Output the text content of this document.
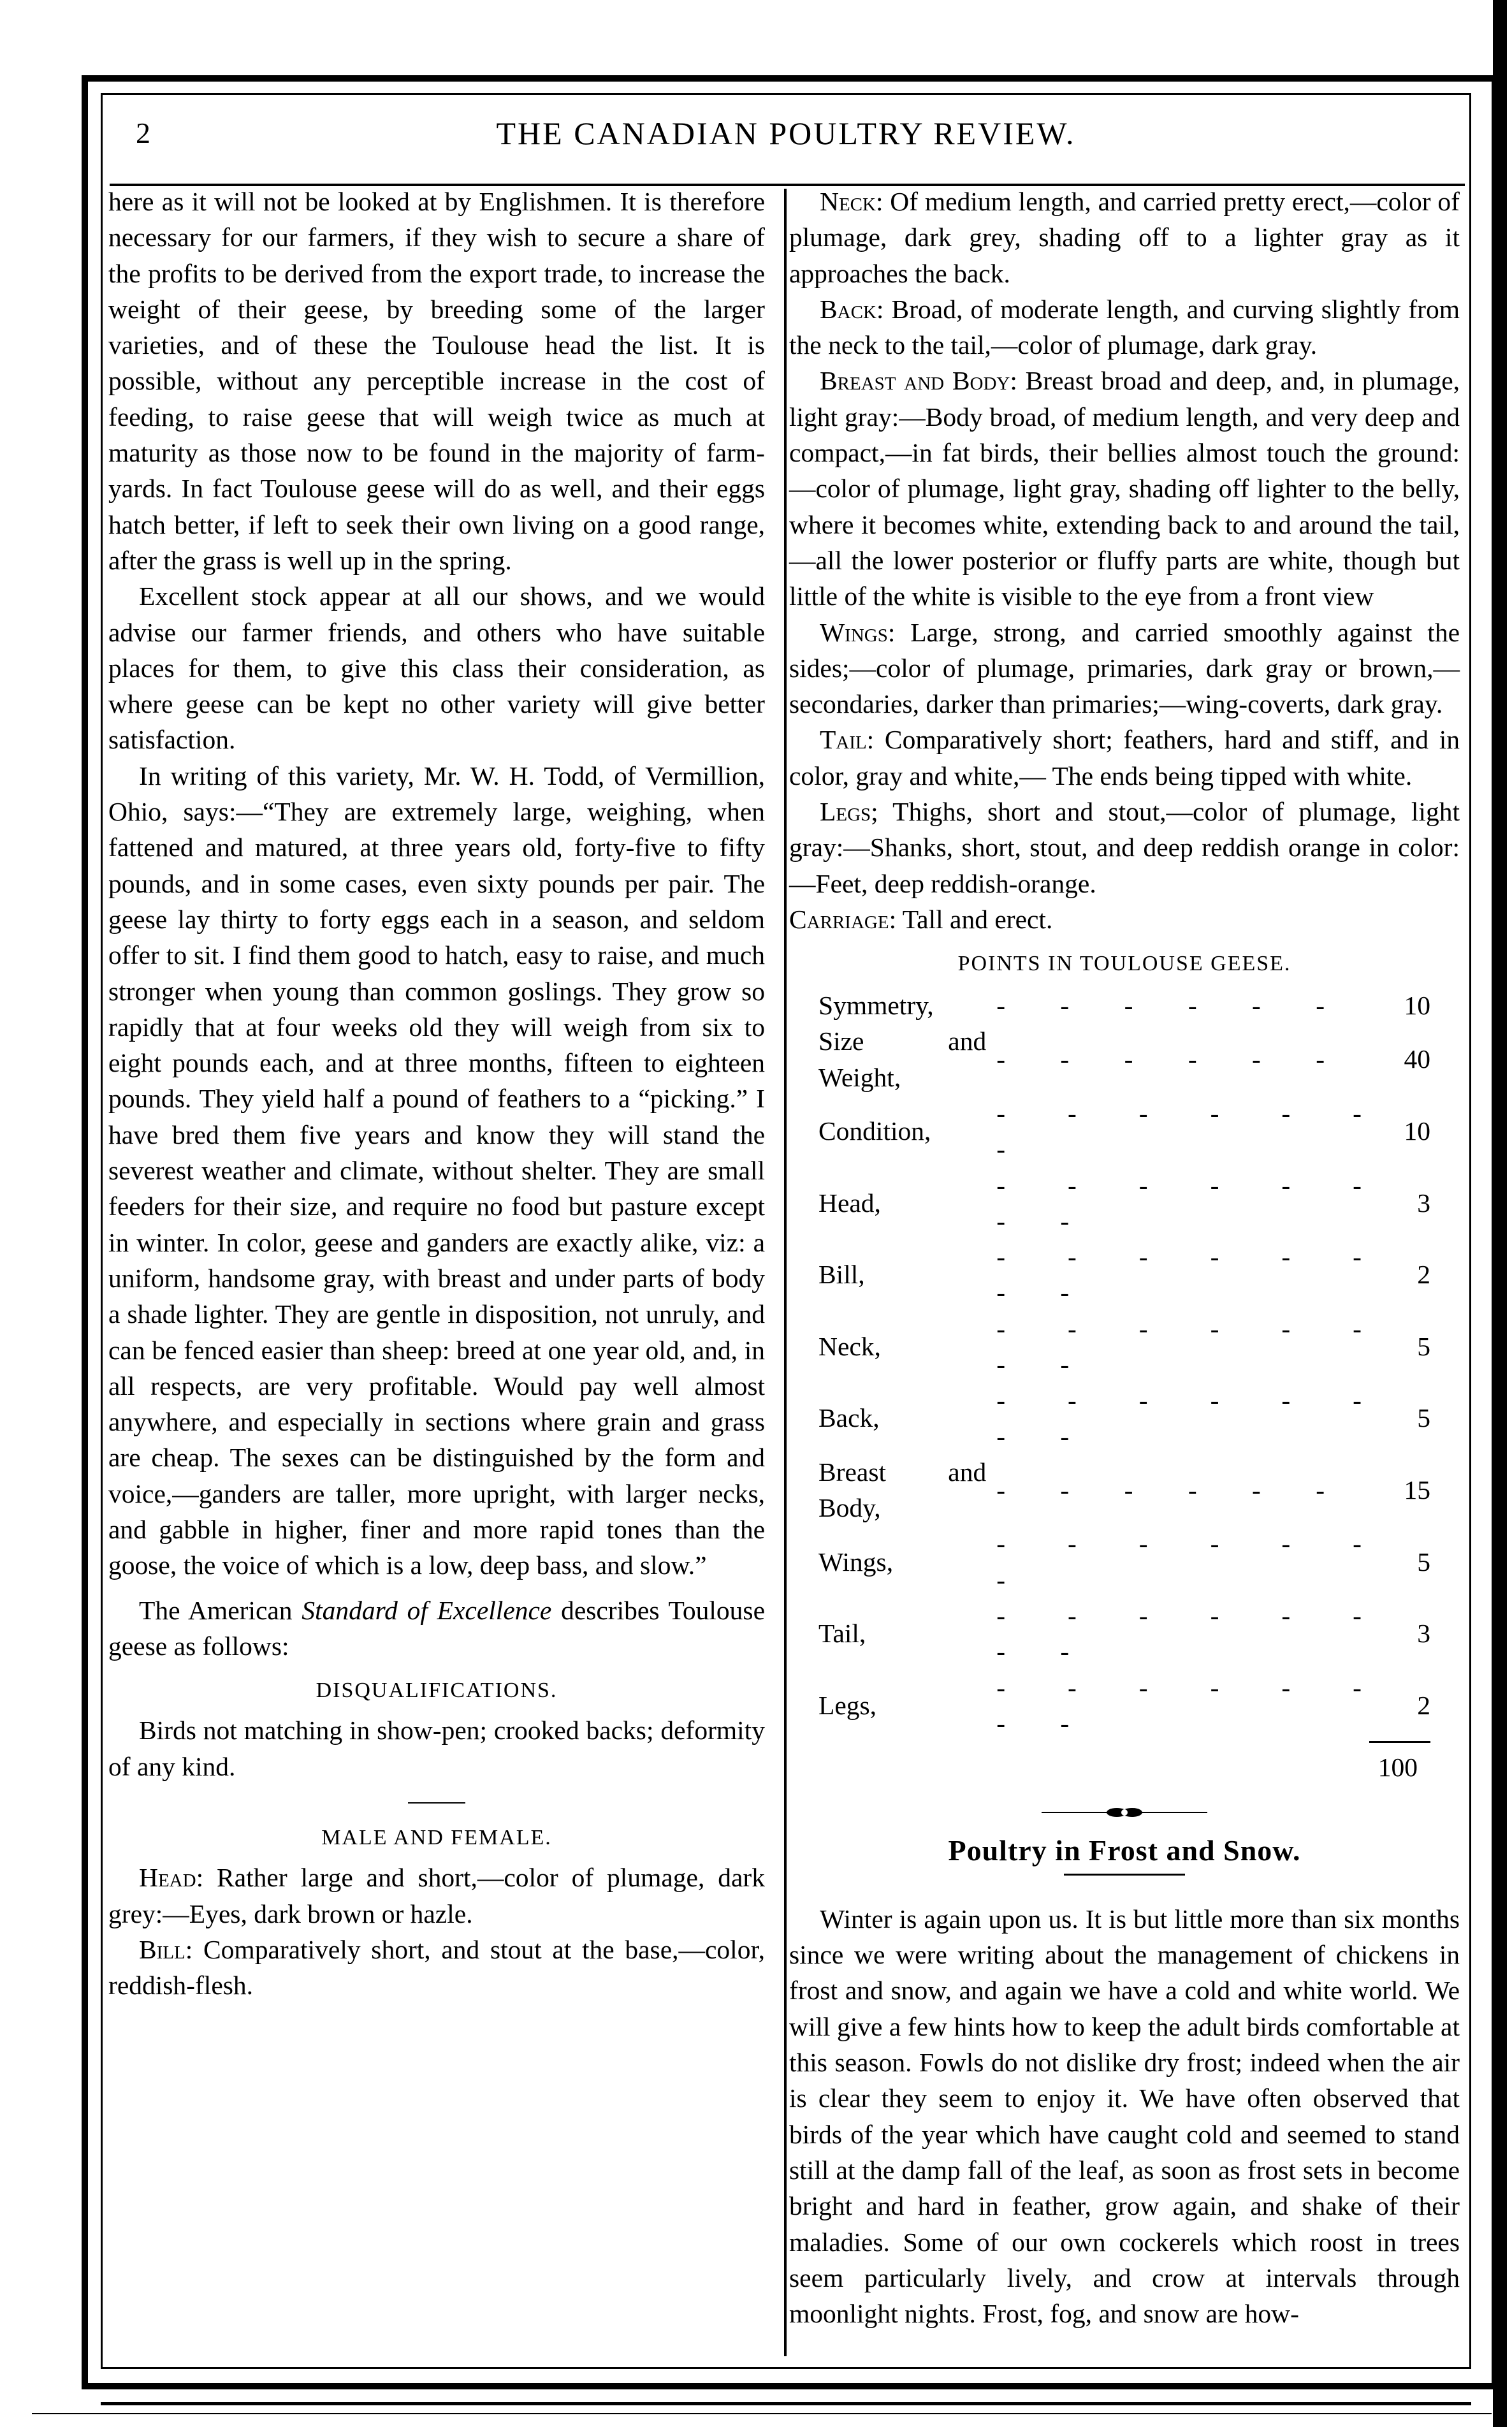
2	THE CANADIAN POULTRY REVIEW.

here as it will not be looked at by Englishmen. It is therefore necessary for our farmers, if they wish to secure a share of the profits to be derived from the export trade, to increase the weight of their geese, by breeding some of the larger varieties, and of these the Toulouse head the list. It is possible, without any perceptible increase in the cost of feeding, to raise geese that will weigh twice as much at maturity as those now to be found in the majority of farm-yards. In fact Toulouse geese will do as well, and their eggs hatch better, if left to seek their own living on a good range, after the grass is well up in the spring.

Excellent stock appear at all our shows, and we would advise our farmer friends, and others who have suitable places for them, to give this class their consideration, as where geese can be kept no other variety will give better satisfaction.

In writing of this variety, Mr. W. H. Todd, of Vermillion, Ohio, says:—“They are extremely large, weighing, when fattened and matured, at three years old, forty-five to fifty pounds, and in some cases, even sixty pounds per pair. The geese lay thirty to forty eggs each in a season, and seldom offer to sit. I find them good to hatch, easy to raise, and much stronger when young than common goslings. They grow so rapidly that at four weeks old they will weigh from six to eight pounds each, and at three months, fifteen to eighteen pounds. They yield half a pound of feathers to a “picking.” I have bred them five years and know they will stand the severest weather and climate, without shelter. They are small feeders for their size, and require no food but pasture except in winter. In color, geese and ganders are exactly alike, viz: a uniform, handsome gray, with breast and under parts of body a shade lighter. They are gentle in disposition, not unruly, and can be fenced easier than sheep: breed at one year old, and, in all respects, are very profitable. Would pay well almost anywhere, and especially in sections where grain and grass are cheap. The sexes can be distinguished by the form and voice,—ganders are taller, more upright, with larger necks, and gabble in higher, finer and more rapid tones than the goose, the voice of which is a low, deep bass, and slow.”

The American Standard of Excellence describes Toulouse geese as follows:

DISQUALIFICATIONS.

Birds not matching in show-pen; crooked backs; deformity of any kind.

MALE AND FEMALE.

Head: Rather large and short,—color of plumage, dark grey:—Eyes, dark brown or hazle.

Bill: Comparatively short, and stout at the base,—color, reddish-flesh.

Neck: Of medium length, and carried pretty erect,—color of plumage, dark grey, shading off to a lighter gray as it approaches the back.

Back: Broad, of moderate length, and curving slightly from the neck to the tail,—color of plumage, dark gray.

Breast and Body: Breast broad and deep, and, in plumage, light gray:—Body broad, of medium length, and very deep and compact,—in fat birds, their bellies almost touch the ground:—color of plumage, light gray, shading off lighter to the belly, where it becomes white, extending back to and around the tail,—all the lower posterior or fluffy parts are white, though but little of the white is visible to the eye from a front view

Wings: Large, strong, and carried smoothly against the sides;—color of plumage, primaries, dark gray or brown,—secondaries, darker than primaries;—wing-coverts, dark gray.

Tail: Comparatively short; feathers, hard and stiff, and in color, gray and white,— The ends being tipped with white.

Legs; Thighs, short and stout,—color of plumage, light gray:—Shanks, short, stout, and deep reddish orange in color:—Feet, deep reddish-orange.

Carriage: Tall and erect.

POINTS IN TOULOUSE GEESE.

Symmetry,	- - - - - -	10
Size and Weight,	- - - - - -	40
Condition,	- - - - - - -	10
Head,	- - - - - - - -	3
Bill,	- - - - - - - -	2
Neck,	- - - - - - - -	5
Back,	- - - - - - - -	5
Breast and Body,	- - - - - -	15
Wings,	- - - - - - -	5
Tail,	- - - - - - - -	3
Legs,	- - - - - - - -	2

100

Poultry in Frost and Snow.

Winter is again upon us. It is but little more than six months since we were writing about the management of chickens in frost and snow, and again we have a cold and white world. We will give a few hints how to keep the adult birds comfortable at this season. Fowls do not dislike dry frost; indeed when the air is clear they seem to enjoy it. We have often observed that birds of the year which have caught cold and seemed to stand still at the damp fall of the leaf, as soon as frost sets in become bright and hard in feather, grow again, and shake of their maladies. Some of our own cockerels which roost in trees seem particularly lively, and crow at intervals through moonlight nights. Frost, fog, and snow are how-
